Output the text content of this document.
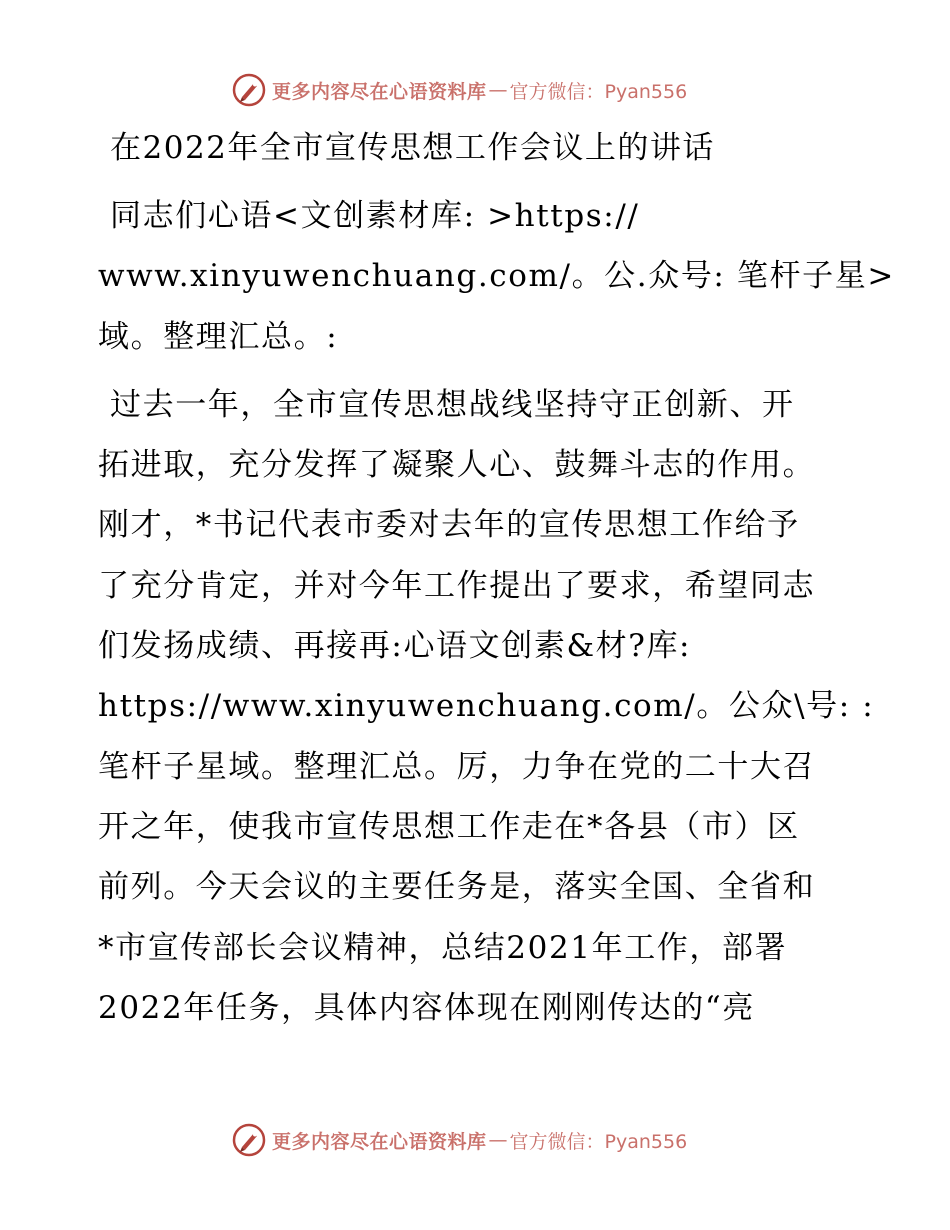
更多内容尽在心语资料库 — 官方微信：Pyan556
在2022年全市宣传思想工作会议上的讲话
同志们心语<文创素材库: >https://
www.xinyuwenchuang.com/。公.众号: 笔杆子星>
域。整理汇总。:
过去一年，全市宣传思想战线坚持守正创新、开
拓进取，充分发挥了凝聚人心、鼓舞斗志的作用。
刚才，*书记代表市委对去年的宣传思想工作给予
了充分肯定，并对今年工作提出了要求，希望同志
们发扬成绩、再接再:心语文创素&材?库:
https://www.xinyuwenchuang.com/。公众\号: :
笔杆子星域。整理汇总。厉，力争在党的二十大召
开之年，使我市宣传思想工作走在*各县（市）区
前列。今天会议的主要任务是，落实全国、全省和
*市宣传部长会议精神，总结2021年工作，部署
2022年任务，具体内容体现在刚刚传达的“亮
更多内容尽在心语资料库 — 官方微信：Pyan556
